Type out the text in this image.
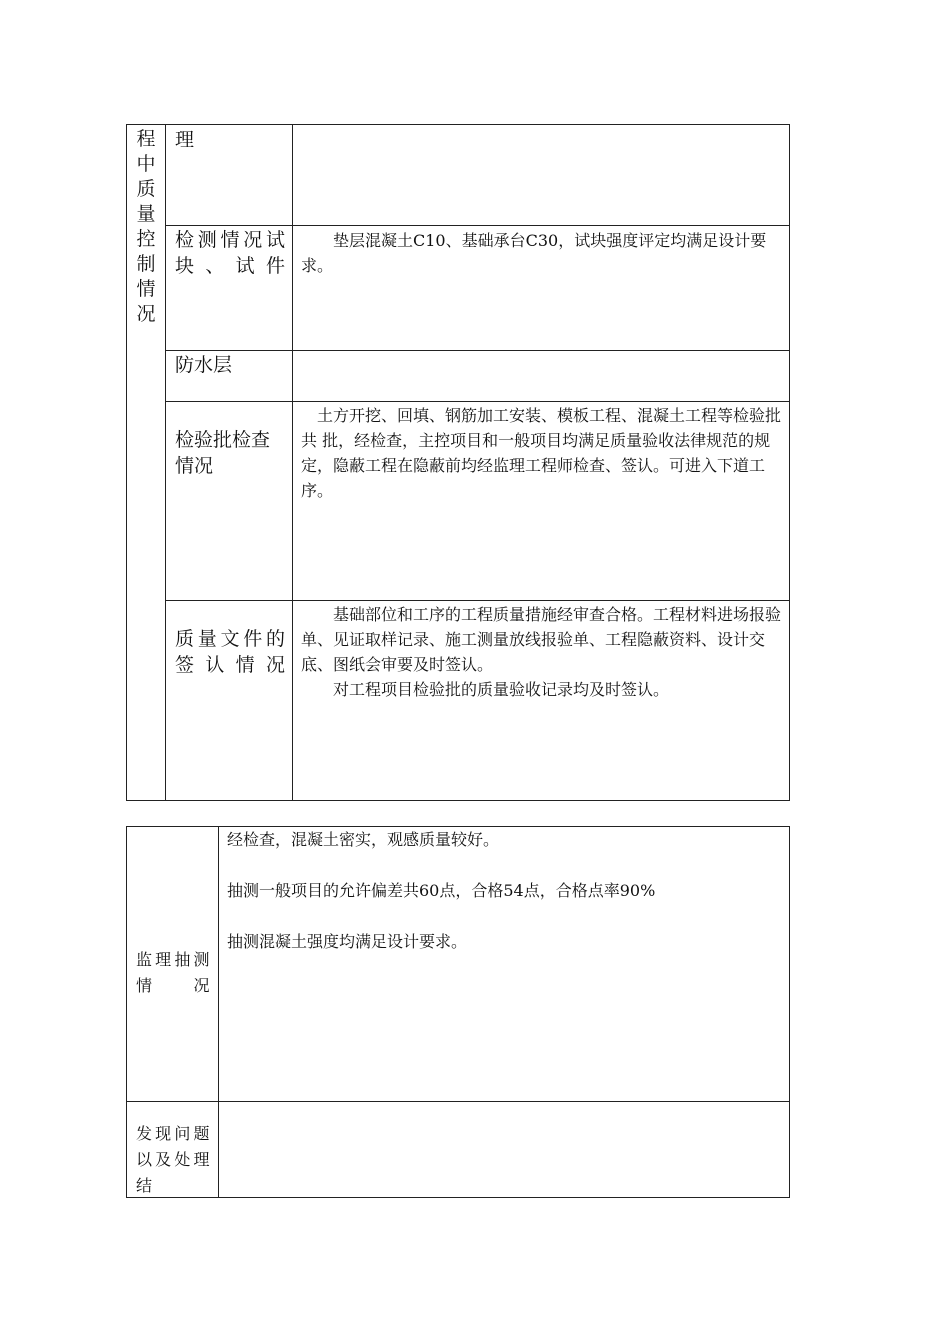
程中质量控制情况
理
检测情况试块、试件

垫层混凝土C10、基础承台C30，试块强度评定均满足设计要求。

防水层
检验批检查情况

土方开挖、回填、钢筋加工安装、模板工程、混凝土工程等检验批共 批，经检查，主控项目和一般项目均满足质量验收法律规范的规定，隐蔽工程在隐蔽前均经监理工程师检查、签认。可进入下道工序。

质量文件的签认情况

基础部位和工序的工程质量措施经审查合格。工程材料进场报验单、见证取样记录、施工测量放线报验单、工程隐蔽资料、设计交底、图纸会审要及时签认。

对工程项目检验批的质量验收记录均及时签认。

监理抽测情况

经检查，混凝土密实，观感质量较好。

抽测一般项目的允许偏差共60点，合格54点，合格点率90%

抽测混凝土强度均满足设计要求。

发现问题以及处理结
